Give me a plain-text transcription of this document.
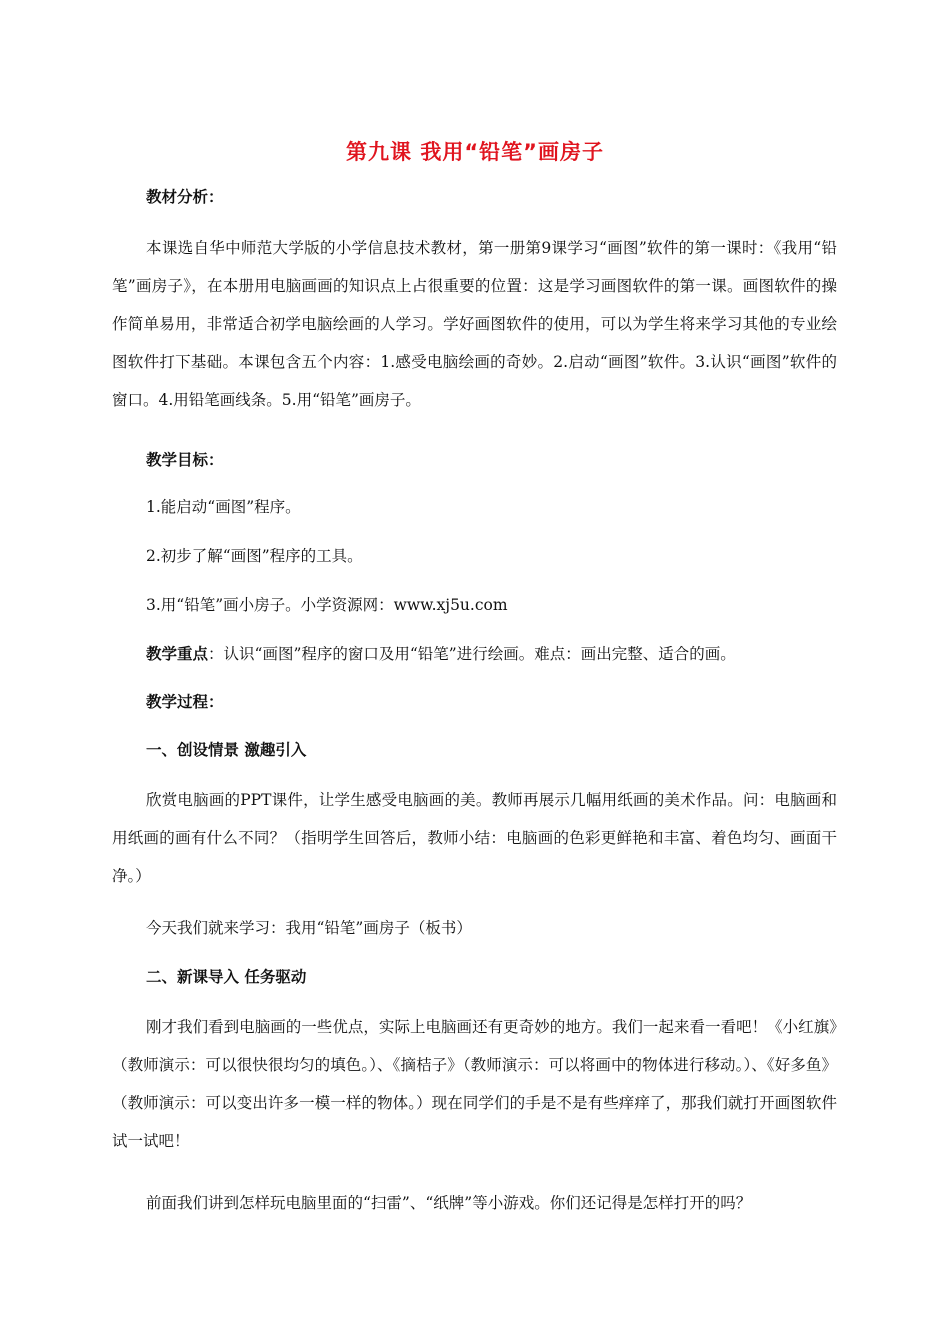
第九课 我用“铅笔”画房子
教材分析：

本课选自华中师范大学版的小学信息技术教材，第一册第9课学习“画图”软件的第一课时：《我用“铅笔”画房子》，在本册用电脑画画的知识点上占很重要的位置：这是学习画图软件的第一课。画图软件的操作简单易用，非常适合初学电脑绘画的人学习。学好画图软件的使用，可以为学生将来学习其他的专业绘图软件打下基础。本课包含五个内容：1.感受电脑绘画的奇妙。2.启动“画图”软件。3.认识“画图”软件的窗口。4.用铅笔画线条。5.用“铅笔”画房子。

教学目标：
1.能启动“画图”程序。
2.初步了解“画图”程序的工具。
3.用“铅笔”画小房子。小学资源网：www.xj5u.com
教学重点：认识“画图”程序的窗口及用“铅笔”进行绘画。难点：画出完整、适合的画。
教学过程：
一、创设情景 激趣引入

欣赏电脑画的PPT课件，让学生感受电脑画的美。教师再展示几幅用纸画的美术作品。问：电脑画和用纸画的画有什么不同？（指明学生回答后，教师小结：电脑画的色彩更鲜艳和丰富、着色均匀、画面干净。）

今天我们就来学习：我用“铅笔”画房子（板书）
二、新课导入 任务驱动

刚才我们看到电脑画的一些优点，实际上电脑画还有更奇妙的地方。我们一起来看一看吧！《小红旗》（教师演示：可以很快很均匀的填色。）、《摘桔子》（教师演示：可以将画中的物体进行移动。）、《好多鱼》（教师演示：可以变出许多一模一样的物体。）现在同学们的手是不是有些痒痒了，那我们就打开画图软件试一试吧！

前面我们讲到怎样玩电脑里面的“扫雷”、“纸牌”等小游戏。你们还记得是怎样打开的吗？
